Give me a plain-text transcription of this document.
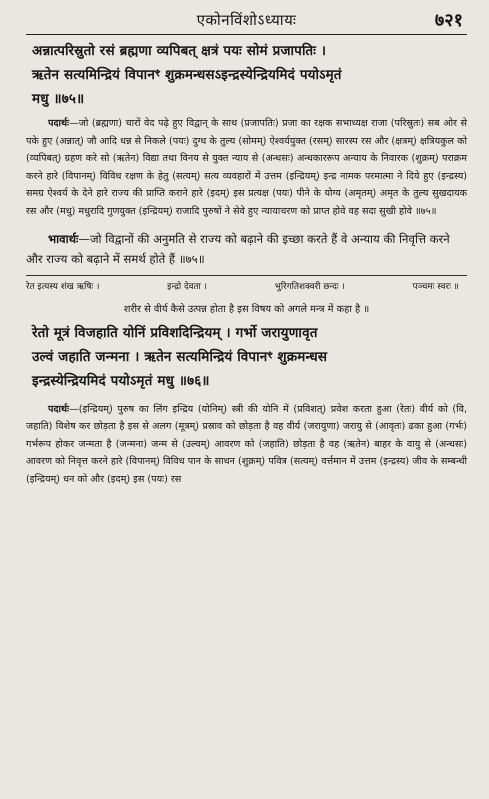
एकोनविंशोऽध्यायः	७२१
अन्नात्परिस्रुतो रसं ब्रह्मणा व्यपिबत् क्षत्रं पयः सोमं प्रजापतिः ।
ऋतेन सत्यमिन्द्रियं विपानꣳ शुक्रमन्धसऽइन्द्रस्येन्द्रियमिदं पयोऽमृतं
मधु ॥७५॥

पदार्थः—जो (ब्रह्मणा) चारों वेद पढ़े हुए विद्वान् के साथ (प्रजापतिः) प्रजा का रक्षक सभाध्यक्ष राजा (परिस्रुतः) सब ओर से पके हुए (अन्नात्) जौ आदि धन्न से निकले (पयः) दुग्ध के तुल्य (सोमम्) ऐश्वर्ययुक्त (रसम्) सारस्प रस और (क्षत्रम्) क्षत्रियकुल को (व्यपिबत्) ग्रहण करे सो (ऋतेन) विद्या तथा विनय से युक्त न्याय से (अन्धसः) अन्धकाररूप अन्याय के निवारक (शुक्रम्) पराक्रम करने हारे (विपानम्) विविध रक्षण के हेतु (सत्यम्) सत्य व्यवहारों में उत्तम (इन्द्रियम्) इन्द्र नामक परमात्मा ने दिये हुए (इन्द्रस्य) समग्र ऐश्वर्य के देने हारे राज्य की प्राप्ति कराने हारे (इदम्) इस प्रत्यक्ष (पयः) पीने के योग्य (अमृतम्) अमृत के तुल्य सुखदायक रस और (मधु) मधुरादि गुणयुक्त (इन्द्रियम्) राजादि पुरुषों ने सेवे हुए न्यायाचरण को प्राप्त होवे वह सदा सुखी होवे ॥७५॥

भावार्थः—जो विद्वानों की अनुमति से राज्य को बढ़ाने की इच्छा करते हैं वे अन्याय की निवृत्ति करने और राज्य को बढ़ाने में समर्थ होते हैं ॥७५॥

रेत इत्यस्य शंख ऋषिः ।	इन्द्रो देवता ।	भुरिगतिशक्वरी छन्दः ।	पञ्चमः स्वरः ॥

शरीर से वीर्य कैसे उत्पन्न होता है इस विषय को अगले मन्त्र में कहा है ॥

रेतो मूत्रं विजहाति योनिं प्रविशदिन्द्रियम् । गर्भो जरायुणावृत
उल्वं जहाति जन्मना । ऋतेन सत्यमिन्द्रियं विपानꣳ शुक्रमन्धस
इन्द्रस्येन्द्रियमिदं पयोऽमृतं मधु ॥७६॥

पदार्थः—(इन्द्रियम्) पुरुष का लिंग इन्द्रिय (योनिम्) स्त्री की योनि में (प्रविशत्) प्रवेश करता हुआ (रेतः) वीर्य को (वि, जहाति) विशेष कर छोड़ता है इस से अलग (मूत्रम्) प्रस्राव को छोड़ता है वह वीर्य (जरायुणा) जरायु से (आवृतः) ढका हुआ (गर्भः) गर्भरूप होकर जन्मता है (जन्मना) जन्म से (उल्वम्) आवरण को (जहाति) छोड़ता है वह (ऋतेन) बाहर के वायु से (अन्धसः) आवरण को निवृत्त करने हारे (विपानम्) विविध पान के साधन (शुक्रम्) पवित्र (सत्यम्) वर्त्तमान में उत्तम (इन्द्रस्य) जीव के सम्बन्धी (इन्द्रियम्) धन को और (इदम्) इस (पयः) रस
